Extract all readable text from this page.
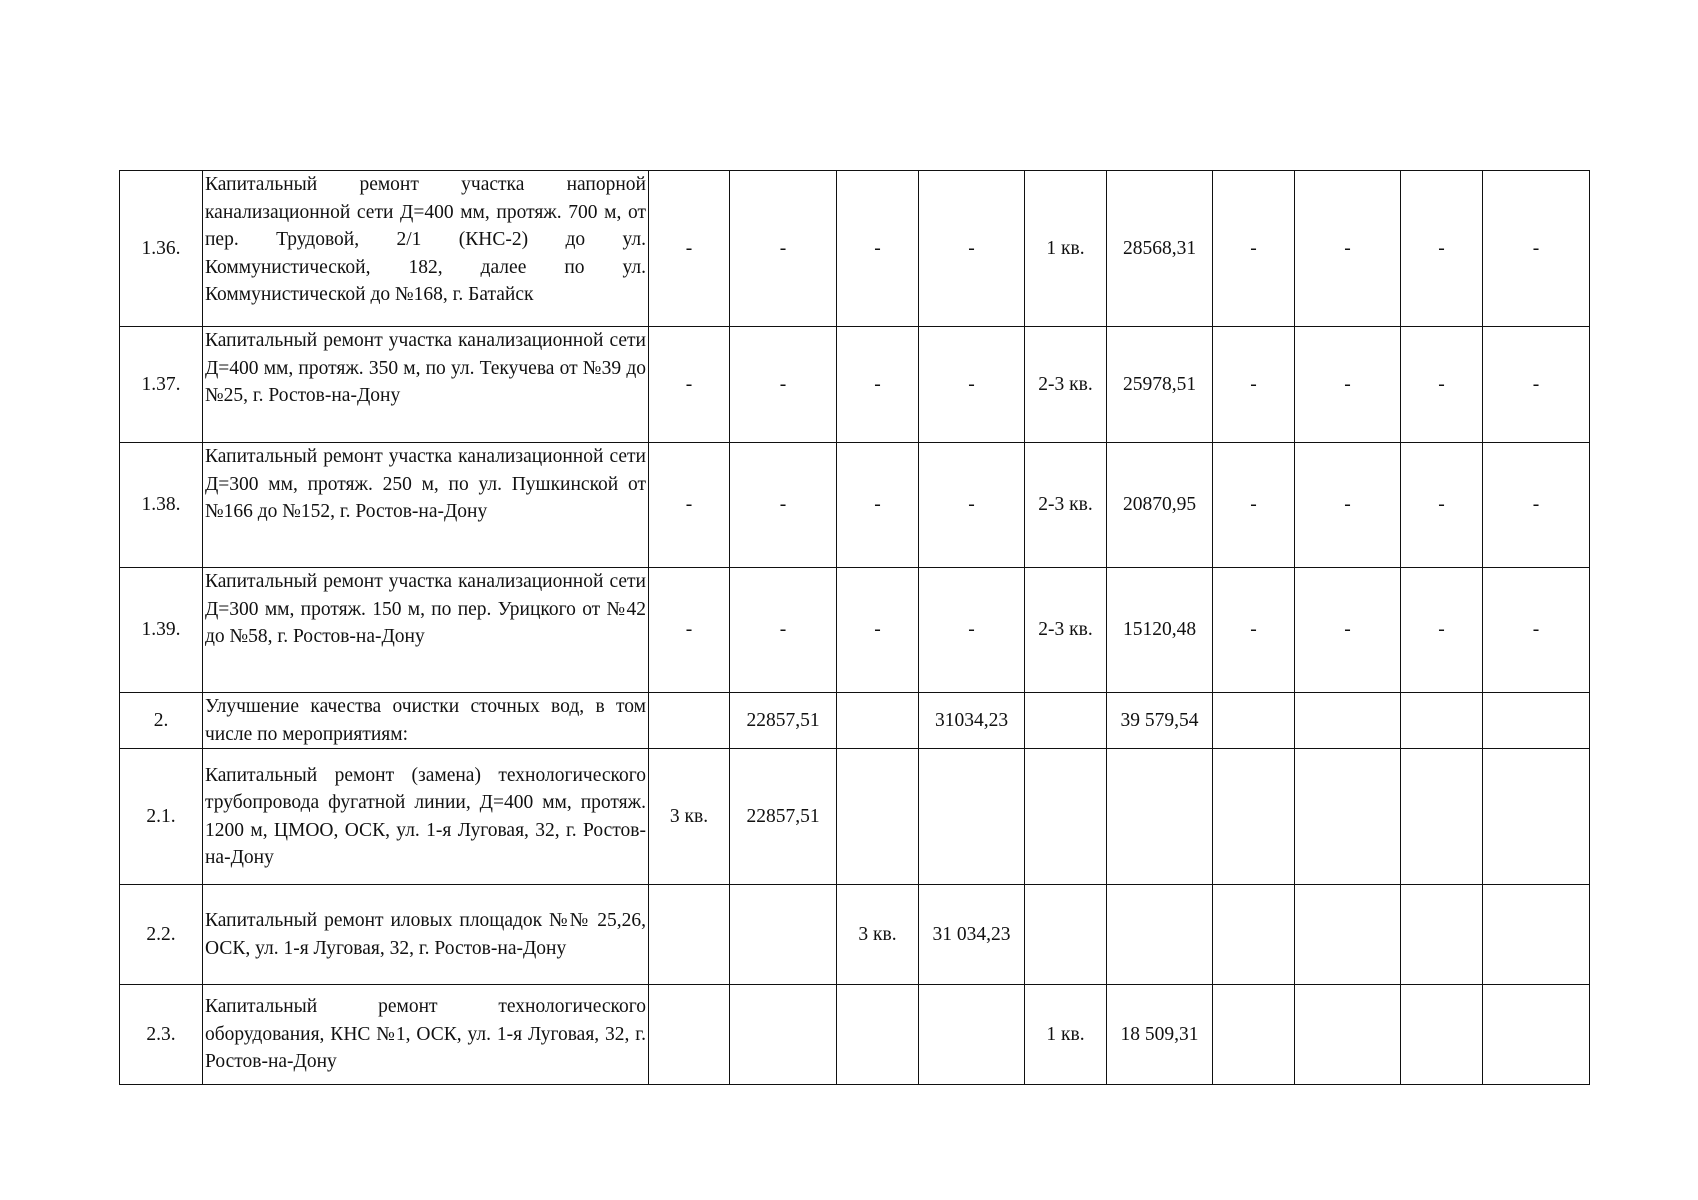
1.36.	Капитальный ремонт участка напорной канализационной сети Д=400 мм, протяж. 700 м, от пер. Трудовой, 2/1 (КНС-2) до ул. Коммунистической, 182, далее по ул. Коммунистической до №168, г. Батайск	-	-	-	-	1 кв.	28568,31	-	-	-	-
1.37.	Капитальный ремонт участка канализационной сети Д=400 мм, протяж. 350 м, по ул. Текучева от №39 до №25, г. Ростов-на-Дону	-	-	-	-	2-3 кв.	25978,51	-	-	-	-
1.38.	Капитальный ремонт участка канализационной сети Д=300 мм, протяж. 250 м, по ул. Пушкинской от №166 до №152, г. Ростов-на-Дону	-	-	-	-	2-3 кв.	20870,95	-	-	-	-
1.39.	Капитальный ремонт участка канализационной сети Д=300 мм, протяж. 150 м, по пер. Урицкого от №42 до №58, г. Ростов-на-Дону	-	-	-	-	2-3 кв.	15120,48	-	-	-	-
2.	Улучшение качества очистки сточных вод, в том числе по мероприятиям:		22857,51		31034,23		39 579,54				
2.1.	Капитальный ремонт (замена) технологического трубопровода фугатной линии, Д=400 мм, протяж. 1200 м, ЦМОО, ОСК, ул. 1-я Луговая, 32, г. Ростов-на-Дону	3 кв.	22857,51								
2.2.	Капитальный ремонт иловых площадок №№ 25,26, ОСК, ул. 1-я Луговая, 32, г. Ростов-на-Дону			3 кв.	31 034,23						
2.3.	Капитальный ремонт технологического оборудования, КНС №1, ОСК, ул. 1-я Луговая, 32, г. Ростов-на-Дону					1 кв.	18 509,31				
